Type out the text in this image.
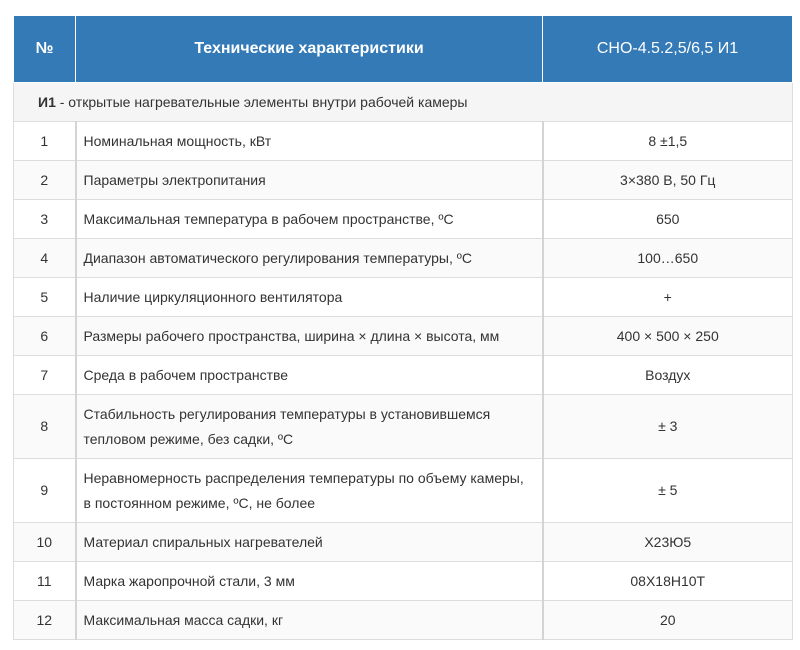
№	Технические характеристики	СНО-4.5.2,5/6,5 И1
И1 - открытые нагревательные элементы внутри рабочей камеры		
1	Номинальная мощность, кВт	8 ±1,5
2	Параметры электропитания	3×380 В, 50 Гц
3	Максимальная температура в рабочем пространстве, ºС	650
4	Диапазон автоматического регулирования температуры, ºС	100…650
5	Наличие циркуляционного вентилятора	+
6	Размеры рабочего пространства, ширина × длина × высота, мм	400 × 500 × 250
7	Среда в рабочем пространстве	Воздух
8	Стабильность регулирования температуры в установившемся тепловом режиме, без садки, ºС	± 3
9	Неравномерность распределения температуры по объему камеры, в постоянном режиме, ºС, не более	± 5
10	Материал спиральных нагревателей	Х23Ю5
11	Марка жаропрочной стали, 3 мм	08Х18Н10Т
12	Максимальная масса садки, кг	20
